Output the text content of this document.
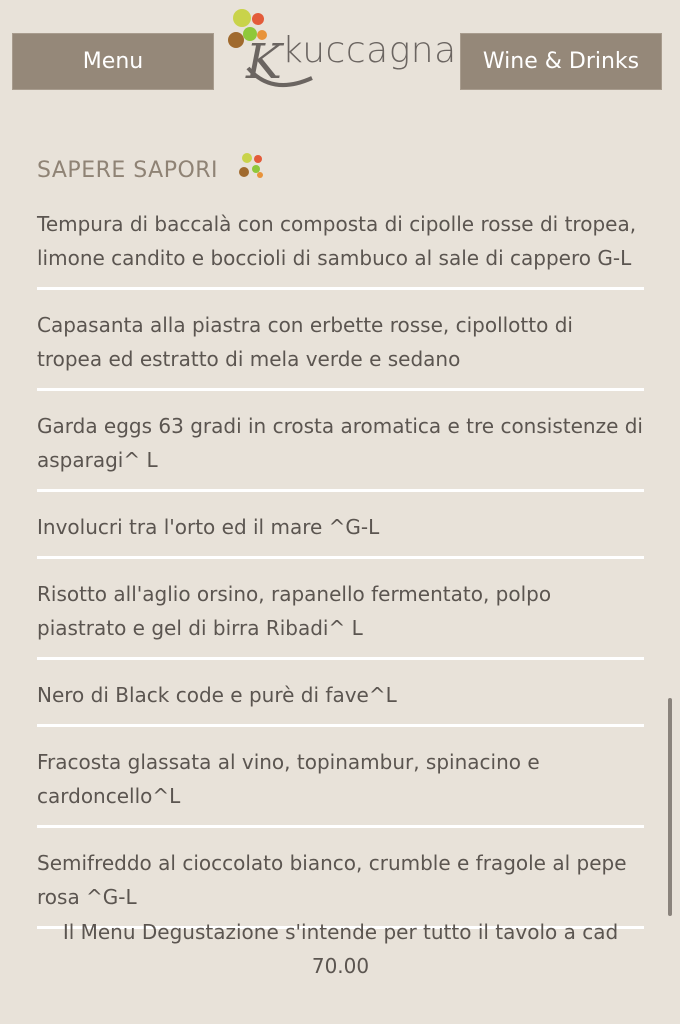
Menu	K kuccagna	Wine & Drinks
SAPERE SAPORI
Tempura di baccalà con composta di cipolle rosse di tropea, limone candito e boccioli di sambuco al sale di cappero G-L
Capasanta alla piastra con erbette rosse, cipollotto di tropea ed estratto di mela verde e sedano
Garda eggs 63 gradi in crosta aromatica e tre consistenze di asparagi^ L
Involucri tra l'orto ed il mare ^G-L
Risotto all'aglio orsino, rapanello fermentato, polpo piastrato e gel di birra Ribadi^ L
Nero di Black code e purè di fave^L
Fracosta glassata al vino, topinambur, spinacino e cardoncello^L
Semifreddo al cioccolato bianco, crumble e fragole al pepe rosa ^G-L
Il Menu Degustazione s'intende per tutto il tavolo a cad 70.00
